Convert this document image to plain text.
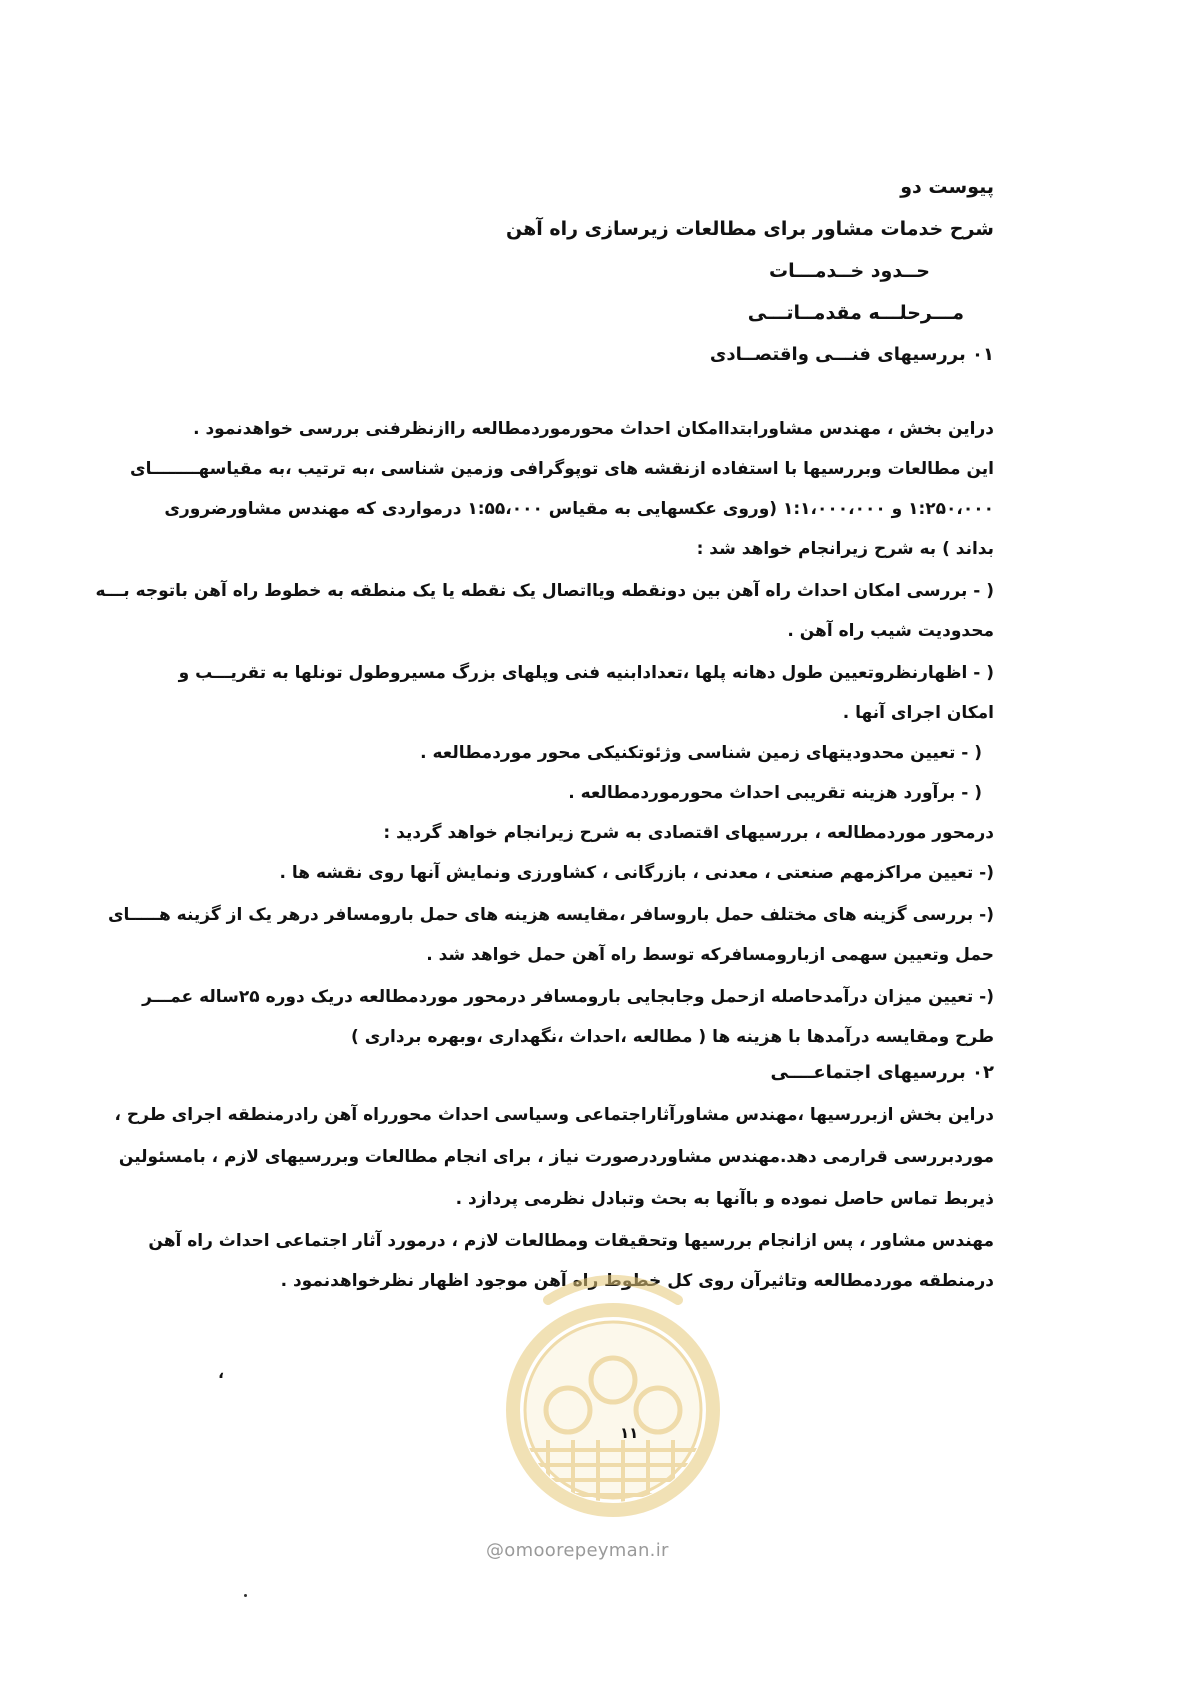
پیوست دو
شرح خدمات مشاور برای مطالعات زیرسازی راه آهن
حــدود خــدمـــات
مـــرحلـــه مقدمــاتـــی
۰۱ بررسیهای فنـــی واقتصــادی
دراین بخش ، مهندس مشاورابتداامکان احداث محورموردمطالعه راازنظرفنی بررسی خواهدنمود .
این مطالعات وبررسیها با استفاده ازنقشه های توپوگرافی وزمین شناسی ،به ترتیب ،به مقیاسهــــــــای
۱:۲۵۰،۰۰۰ و ۱:۱،۰۰۰،۰۰۰ (وروی عکسهایی به مقیاس ۱:۵۵،۰۰۰ درمواردی که مهندس مشاورضروری
بداند ) به شرح زیرانجام خواهد شد :
( - بررسی امکان احداث راه آهن بین دونقطه ویااتصال یک نقطه یا یک منطقه به خطوط راه آهن باتوجه بـــه
محدودیت شیب راه آهن .
( - اظهارنظروتعیین طول دهانه پلها ،تعدادابنیه فنی وپلهای بزرگ مسیروطول تونلها به تقریـــب و
امکان اجرای آنها .
( - تعیین محدودیتهای زمین شناسی وژئوتکنیکی محور موردمطالعه .
( - برآورد هزینه تقریبی احداث محورموردمطالعه .
درمحور موردمطالعه ، بررسیهای اقتصادی به شرح زیرانجام خواهد گردید :
(- تعیین مراکزمهم صنعتی ، معدنی ، بازرگانی ، کشاورزی ونمایش آنها روی نقشه ها .
(- بررسی گزینه های مختلف حمل باروسافر ،مقایسه هزینه های حمل بارومسافر درهر یک از گزینه هـــــای
حمل وتعیین سهمی ازبارومسافرکه توسط راه آهن حمل خواهد شد .
(- تعیین میزان درآمدحاصله ازحمل وجابجایی بارومسافر درمحور موردمطالعه دریک دوره ۲۵ساله عمـــر
طرح ومقایسه درآمدها با هزینه ها ( مطالعه ،احداث ،نگهداری ،وبهره برداری )
۰۲ بررسیهای اجتماعــــی
دراین بخش ازبررسیها ،مهندس مشاورآثاراجتماعی وسیاسی احداث محورراه آهن رادرمنطقه اجرای طرح ،
موردبررسی قرارمی دهد.مهندس مشاوردرصورت نیاز ، برای انجام مطالعات وبررسیهای لازم ، بامسئولین
ذیربط تماس حاصل نموده و باآنها به بحث وتبادل نظرمی پردازد .
مهندس مشاور ، پس ازانجام بررسیها وتحقیقات ومطالعات لازم ، درمورد آثار اجتماعی احداث راه آهن
درمنطقه موردمطالعه وتاثیرآن روی کل خطوط راه آهن موجود اظهار نظرخواهدنمود .
،
۱۱
@omoorepeyman.ir
